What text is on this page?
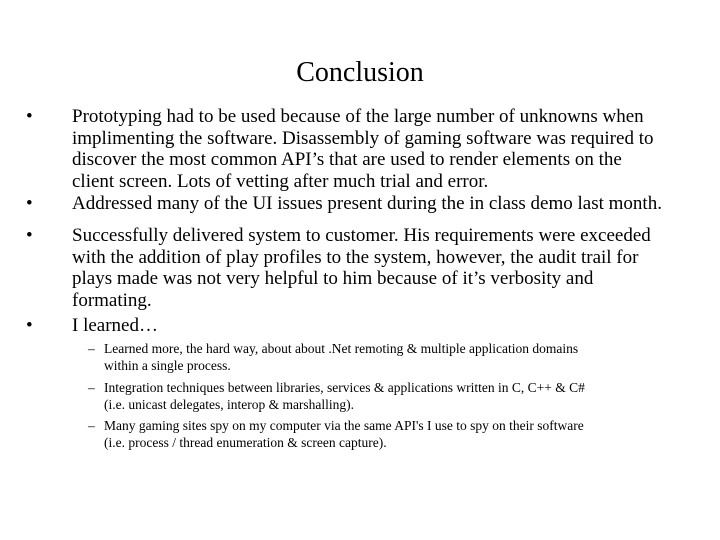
Conclusion
•	Prototyping had to be used because of the large number of unknowns when
implimenting the software. Disassembly of gaming software was required to
discover the most common API’s that are used to render elements on the
client screen. Lots of vetting after much trial and error.
•	Addressed many of the UI issues present during the in class demo last month.
•	Successfully delivered system to customer. His requirements were exceeded
with the addition of play profiles to the system, however, the audit trail for
plays made was not very helpful to him because of it’s verbosity and
formating.
•	I learned…
– Learned more, the hard way, about about .Net remoting & multiple application domains
within a single process.
– Integration techniques between libraries, services & applications written in C, C++ & C#
(i.e. unicast delegates, interop & marshalling).
– Many gaming sites spy on my computer via the same API's I use to spy on their software
(i.e. process / thread enumeration & screen capture).
